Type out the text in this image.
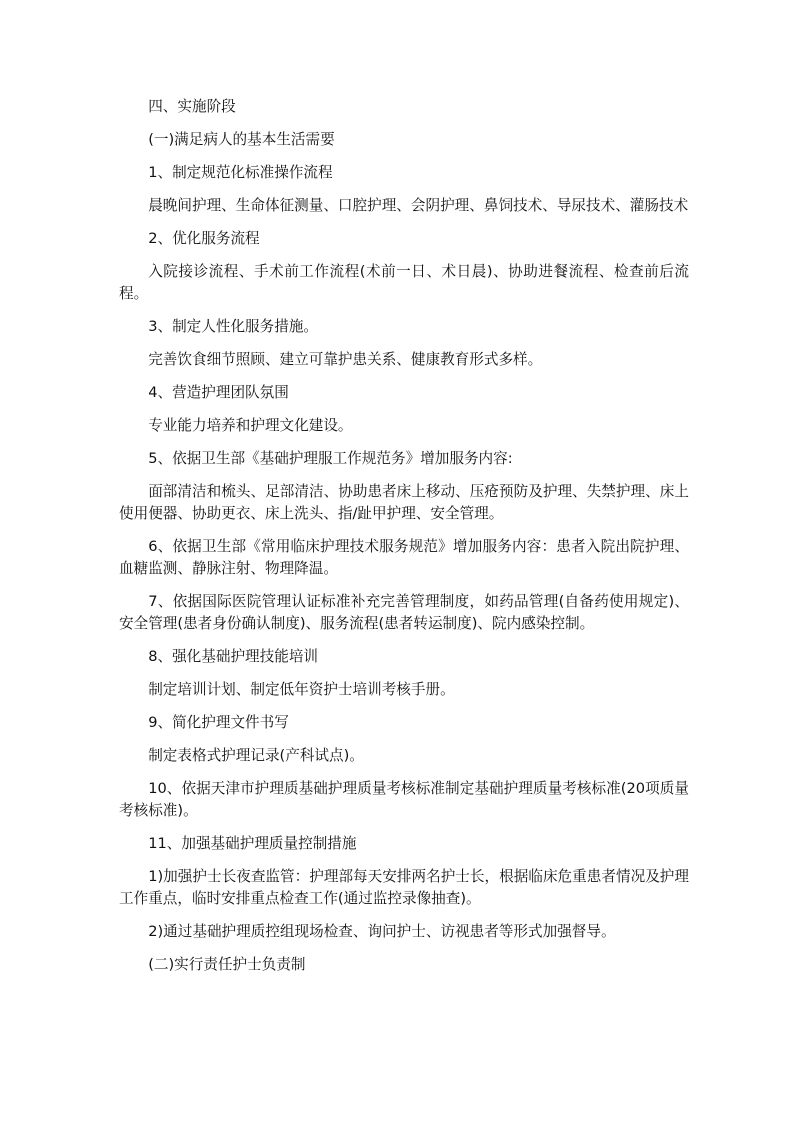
四、实施阶段

(一)满足病人的基本生活需要

1、制定规范化标准操作流程

晨晚间护理、生命体征测量、口腔护理、会阴护理、鼻饲技术、导尿技术、灌肠技术

2、优化服务流程

入院接诊流程、手术前工作流程(术前一日、术日晨)、协助进餐流程、检查前后流程。

3、制定人性化服务措施。

完善饮食细节照顾、建立可靠护患关系、健康教育形式多样。

4、营造护理团队氛围

专业能力培养和护理文化建设。

5、依据卫生部《基础护理服工作规范务》增加服务内容:

面部清洁和梳头、足部清洁、协助患者床上移动、压疮预防及护理、失禁护理、床上使用便器、协助更衣、床上洗头、指/趾甲护理、安全管理。

6、依据卫生部《常用临床护理技术服务规范》增加服务内容：患者入院出院护理、血糖监测、静脉注射、物理降温。

7、依据国际医院管理认证标准补充完善管理制度，如药品管理(自备药使用规定)、安全管理(患者身份确认制度)、服务流程(患者转运制度)、院内感染控制。

8、强化基础护理技能培训

制定培训计划、制定低年资护士培训考核手册。

9、简化护理文件书写

制定表格式护理记录(产科试点)。

10、依据天津市护理质基础护理质量考核标准制定基础护理质量考核标准(20项质量考核标准)。

11、加强基础护理质量控制措施

1)加强护士长夜查监管：护理部每天安排两名护士长，根据临床危重患者情况及护理工作重点，临时安排重点检查工作(通过监控录像抽查)。

2)通过基础护理质控组现场检查、询问护士、访视患者等形式加强督导。

(二)实行责任护士负责制
